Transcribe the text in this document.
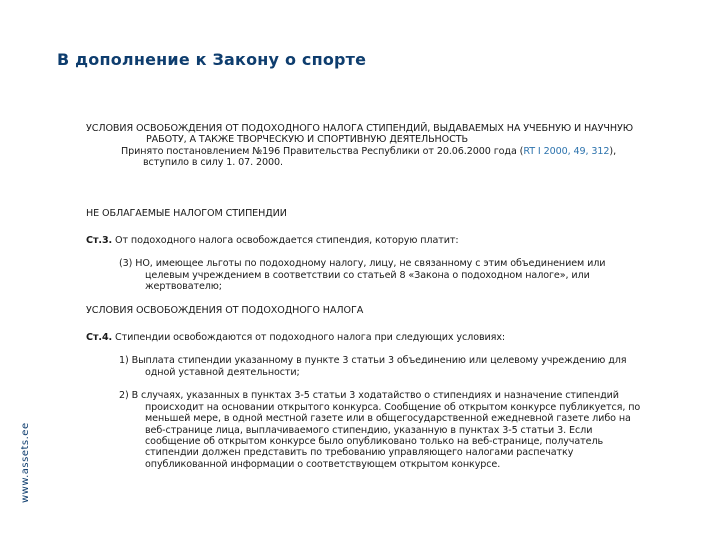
В дополнение к Закону о спорте
www.assets.ee
УСЛОВИЯ ОСВОБОЖДЕНИЯ ОТ ПОДОХОДНОГО НАЛОГА СТИПЕНДИЙ, ВЫДАВАЕМЫХ НА УЧЕБНУЮ И НАУЧНУЮ РАБОТУ, А ТАКЖЕ ТВОРЧЕСКУЮ И СПОРТИВНУЮ ДЕЯТЕЛЬНОСТЬ
Принято постановлением №196 Правительства Республики от 20.06.2000 года (RT I 2000, 49, 312), вступило в силу 1. 07. 2000.
НЕ ОБЛАГАЕМЫЕ НАЛОГОМ СТИПЕНДИИ
Ст.3. От подоходного налога освобождается стипендия, которую платит:
(3) НО, имеющее льготы по подоходному налогу, лицу, не связанному с этим объединением или целевым учреждением в соответствии со статьей 8 «Закона о подоходном налоге», или жертвователю;
УСЛОВИЯ ОСВОБОЖДЕНИЯ ОТ ПОДОХОДНОГО НАЛОГА
Ст.4. Стипендии освобождаются от подоходного налога при следующих условиях:
1) Выплата стипендии указанному в пункте 3 статьи 3 объединению или целевому учреждению для одной уставной деятельности;
2) В случаях, указанных в пунктах 3-5 статьи 3 ходатайство о стипендиях и назначение стипендий происходит на основании открытого конкурса. Сообщение об открытом конкурсе публикуется, по меньшей мере, в одной местной газете или в общегосударственной ежедневной газете либо на веб-странице лица, выплачиваемого стипендию, указанную в пунктах 3-5 статьи 3. Если сообщение об открытом конкурсе было опубликовано только на веб-странице, получатель стипендии должен представить по требованию управляющего налогами распечатку опубликованной информации о соответствующем открытом конкурсе.
